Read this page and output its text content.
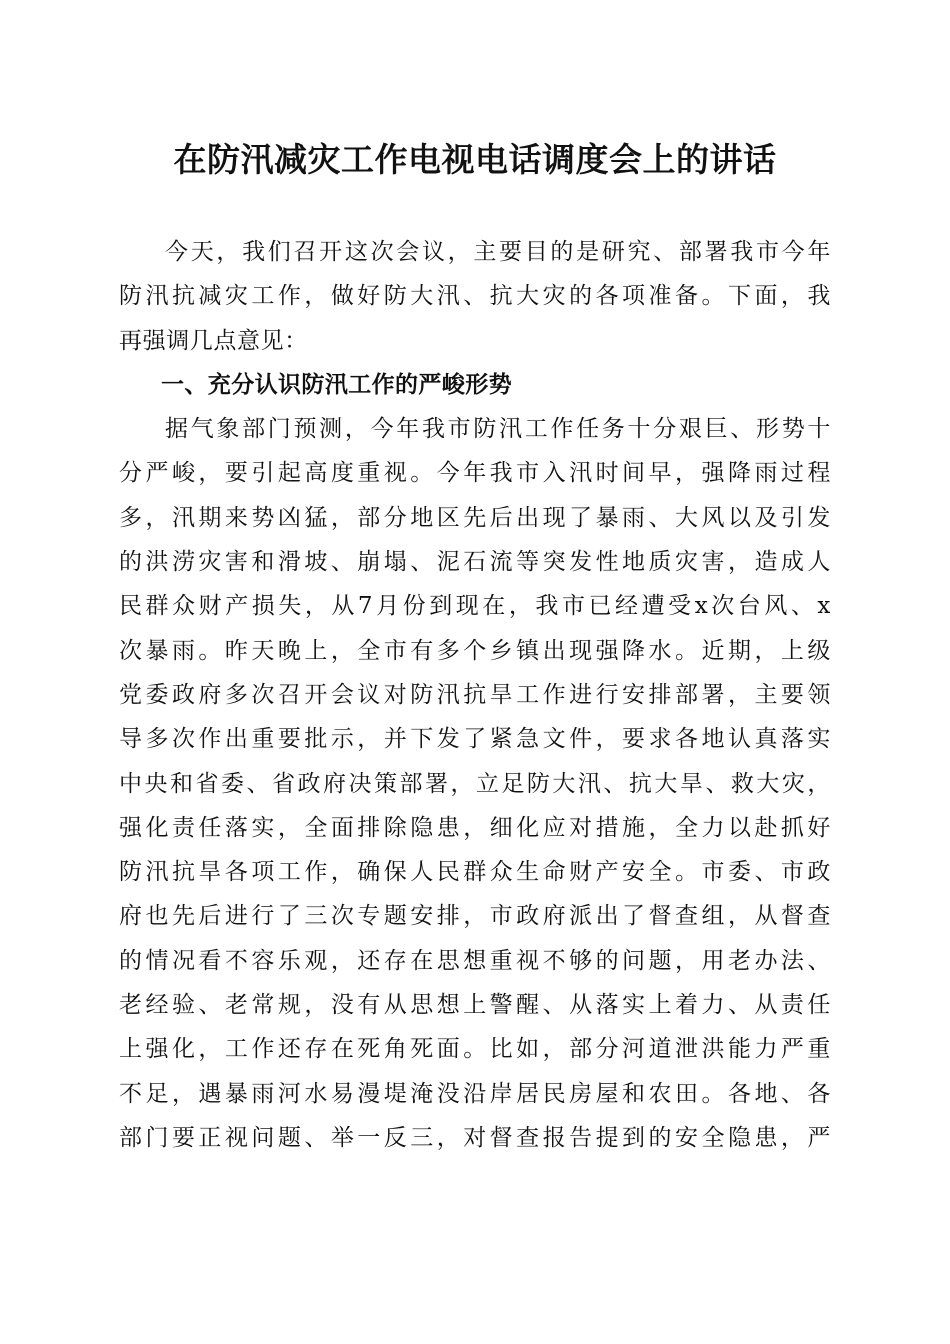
在防汛减灾工作电视电话调度会上的讲话
今天，我们召开这次会议，主要目的是研究、部署我市今年
防汛抗减灾工作，做好防大汛、抗大灾的各项准备。下面，我
再强调几点意见：
一、充分认识防汛工作的严峻形势
据气象部门预测，今年我市防汛工作任务十分艰巨、形势十
分严峻，要引起高度重视。今年我市入汛时间早，强降雨过程
多，汛期来势凶猛，部分地区先后出现了暴雨、大风以及引发
的洪涝灾害和滑坡、崩塌、泥石流等突发性地质灾害，造成人
民群众财产损失，从7月份到现在，我市已经遭受x次台风、x
次暴雨。昨天晚上，全市有多个乡镇出现强降水。近期，上级
党委政府多次召开会议对防汛抗旱工作进行安排部署，主要领
导多次作出重要批示，并下发了紧急文件，要求各地认真落实
中央和省委、省政府决策部署，立足防大汛、抗大旱、救大灾，
强化责任落实，全面排除隐患，细化应对措施，全力以赴抓好
防汛抗旱各项工作，确保人民群众生命财产安全。市委、市政
府也先后进行了三次专题安排，市政府派出了督查组，从督查
的情况看不容乐观，还存在思想重视不够的问题，用老办法、
老经验、老常规，没有从思想上警醒、从落实上着力、从责任
上强化，工作还存在死角死面。比如，部分河道泄洪能力严重
不足，遇暴雨河水易漫堤淹没沿岸居民房屋和农田。各地、各
部门要正视问题、举一反三，对督查报告提到的安全隐患，严
